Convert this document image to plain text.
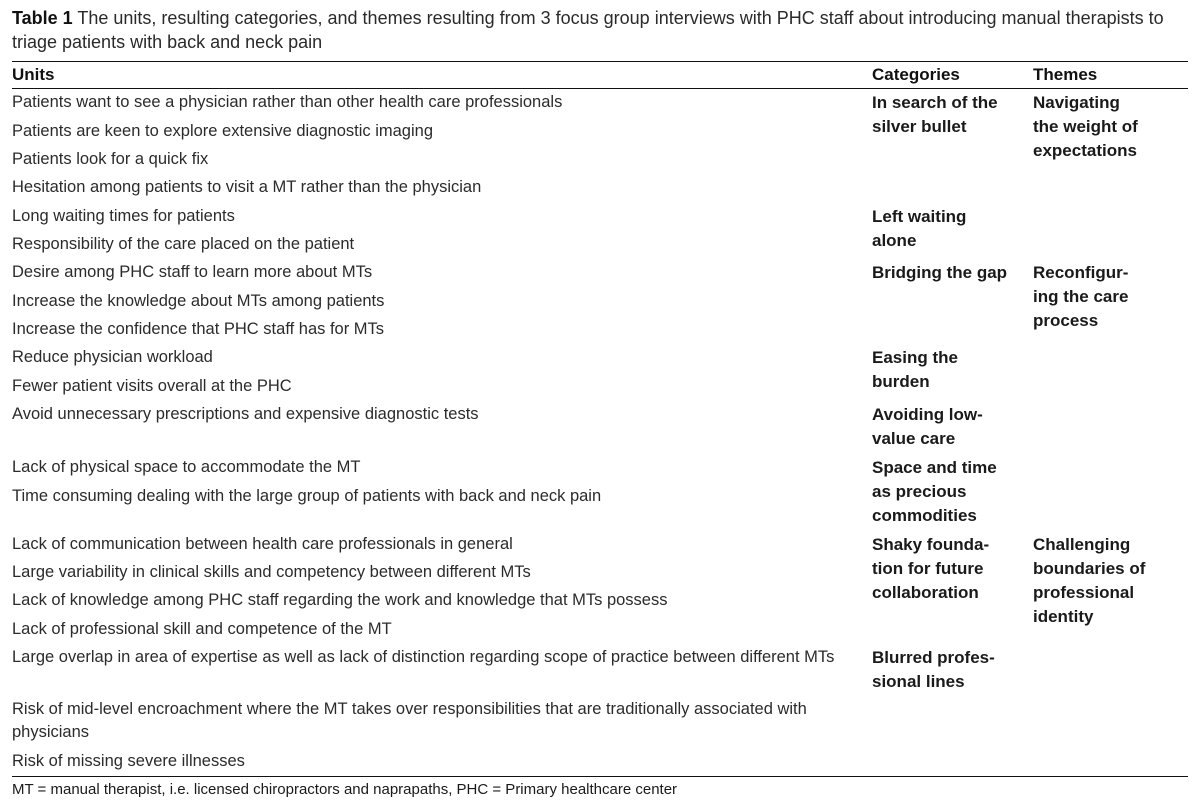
Table 1 The units, resulting categories, and themes resulting from 3 focus group interviews with PHC staff about introducing manual therapists to triage patients with back and neck pain
Units	Categories	Themes
Patients want to see a physician rather than other health care professionals
Patients are keen to explore extensive diagnostic imaging
Patients look for a quick fix
Hesitation among patients to visit a MT rather than the physician
Long waiting times for patients
Responsibility of the care placed on the patient
Desire among PHC staff to learn more about MTs
Increase the knowledge about MTs among patients
Increase the confidence that PHC staff has for MTs
Reduce physician workload
Fewer patient visits overall at the PHC
Avoid unnecessary prescriptions and expensive diagnostic tests
Lack of physical space to accommodate the MT
Time consuming dealing with the large group of patients with back and neck pain
Lack of communication between health care professionals in general
Large variability in clinical skills and competency between different MTs
Lack of knowledge among PHC staff regarding the work and knowledge that MTs possess
Lack of professional skill and competence of the MT
Large overlap in area of expertise as well as lack of distinction regarding scope of practice between different MTs
Risk of mid-level encroachment where the MT takes over responsibilities that are traditionally associated with physicians
Risk of missing severe illnesses
In search of the
silver bullet
Left waiting
alone
Bridging the gap
Easing the
burden
Avoiding low-
value care
Space and time
as precious
commodities
Shaky founda-
tion for future
collaboration
Blurred profes-
sional lines
Navigating
the weight of
expectations
Reconfigur-
ing the care
process
Challenging
boundaries of
professional
identity
MT = manual therapist, i.e. licensed chiropractors and naprapaths, PHC = Primary healthcare center
